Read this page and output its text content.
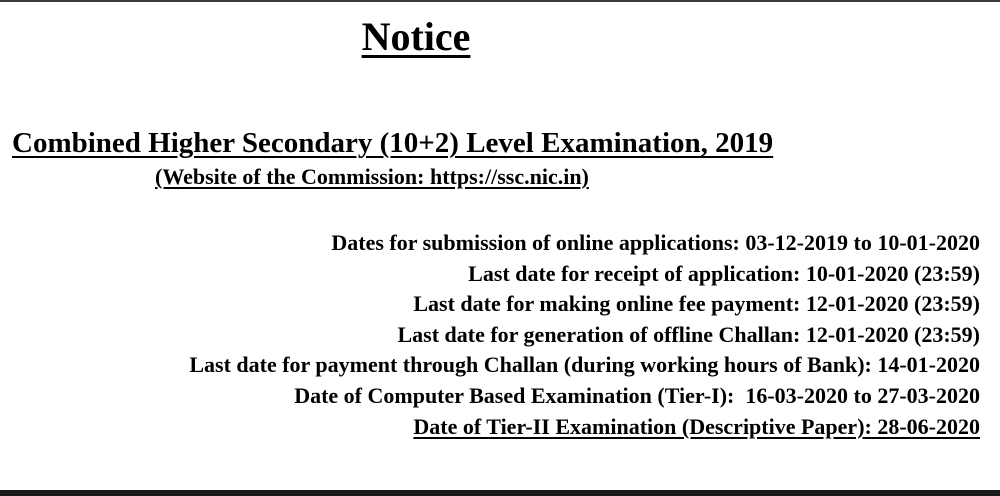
Notice
Combined Higher Secondary (10+2) Level Examination, 2019
(Website of the Commission: https://ssc.nic.in)
Dates for submission of online applications: 03-12-2019 to 10-01-2020
Last date for receipt of application: 10-01-2020 (23:59)
Last date for making online fee payment: 12-01-2020 (23:59)
Last date for generation of offline Challan: 12-01-2020 (23:59)
Last date for payment through Challan (during working hours of Bank): 14-01-2020
Date of Computer Based Examination (Tier-I):  16-03-2020 to 27-03-2020
Date of Tier-II Examination (Descriptive Paper): 28-06-2020
